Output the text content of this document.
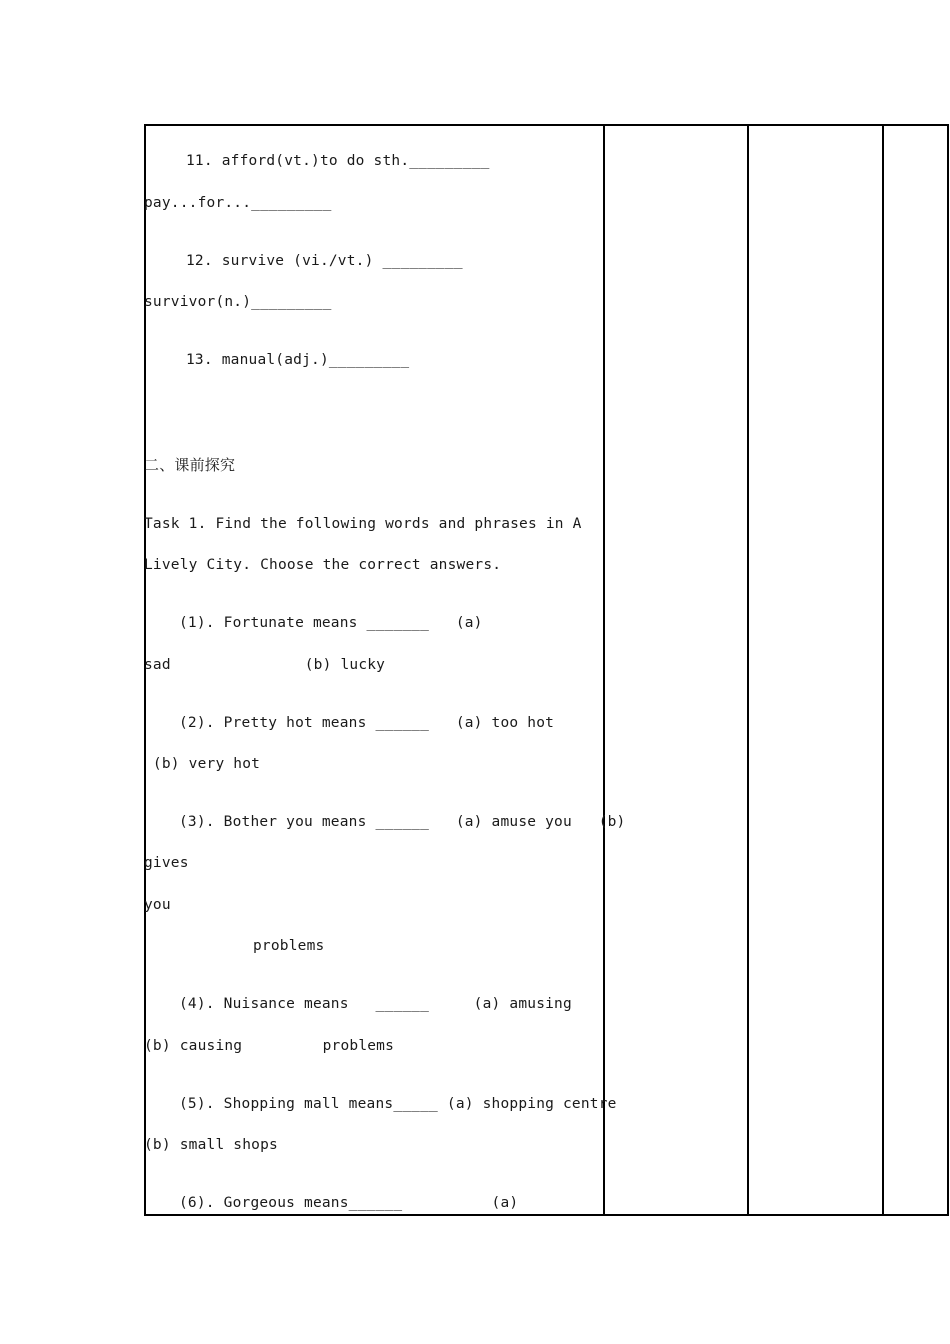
11. afford(vt.)to do sth._________
pay...for..._________
12. survive (vi./vt.) _________
survivor(n.)_________
13. manual(adj.)_________
二、课前探究
Task 1. Find the following words and phrases in A
Lively City. Choose the correct answers.
(1). Fortunate means _______   (a)
sad               (b) lucky
(2). Pretty hot means ______   (a) too hot
(b) very hot
(3). Bother you means ______   (a) amuse you   (b)
gives
you
problems
(4). Nuisance means   ______     (a) amusing
(b) causing         problems
(5). Shopping mall means_____ (a) shopping centre
(b) small shops
(6). Gorgeous means______          (a)
